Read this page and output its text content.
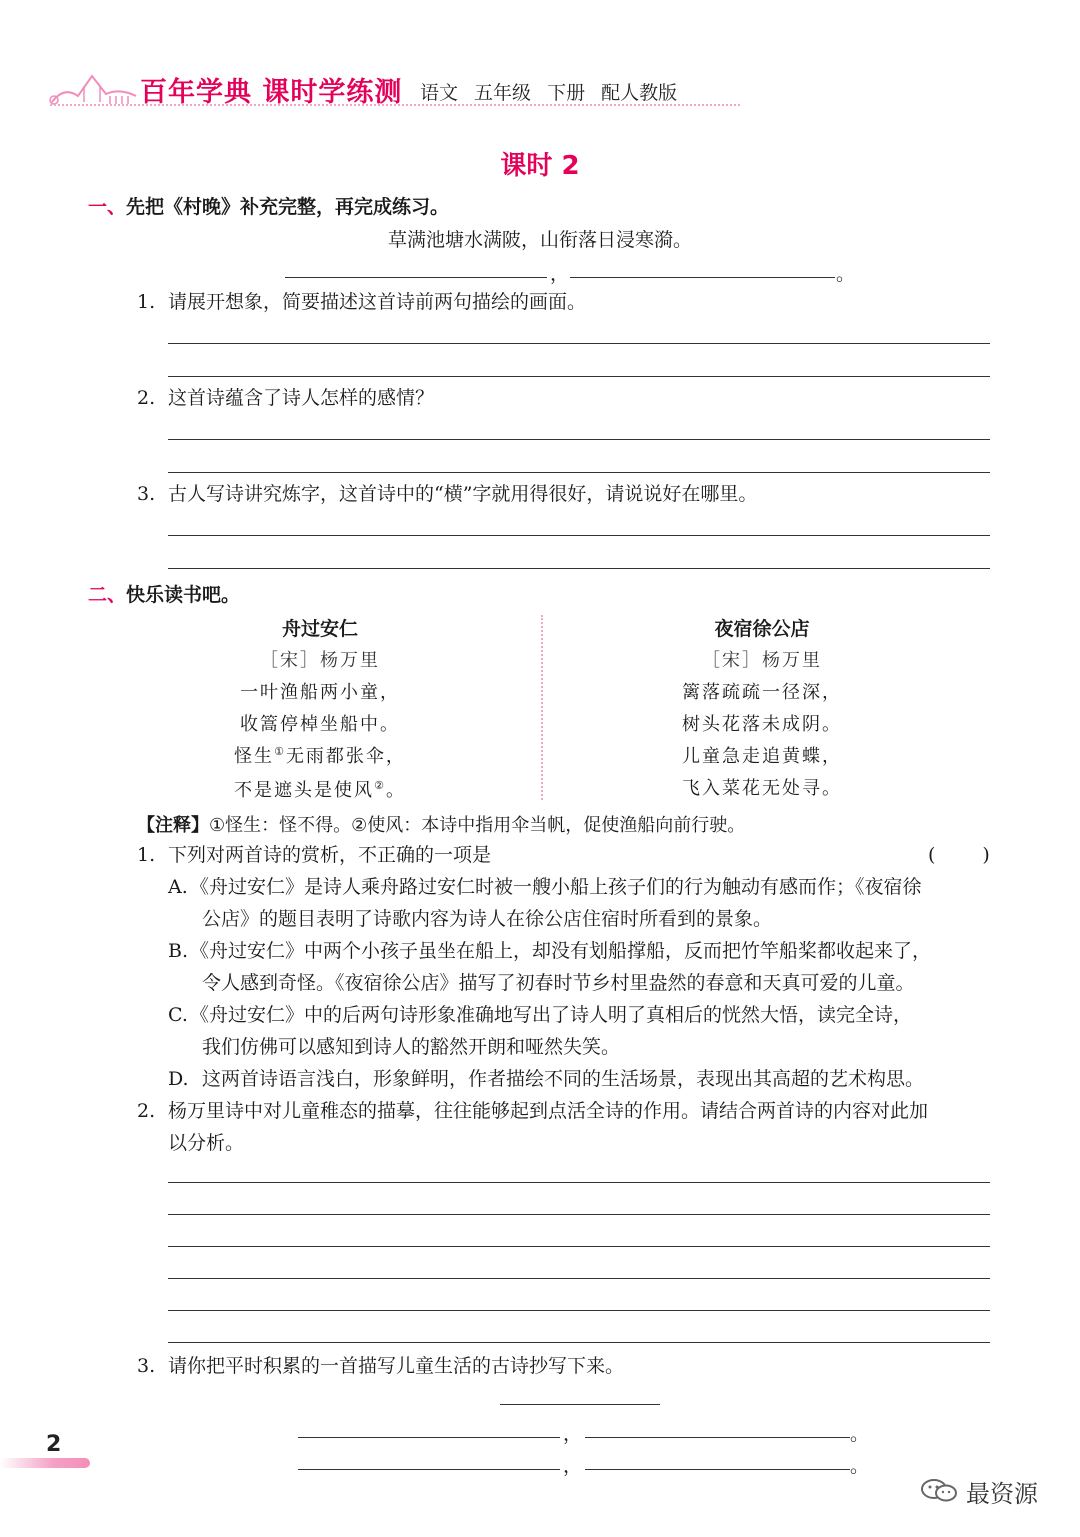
百年学典 课时学练测 语文 五年级 下册 配人教版
课时 2
一、先把《村晚》补充完整，再完成练习。
草满池塘水满陂，山衔落日浸寒漪。
，	。
1. 请展开想象，简要描述这首诗前两句描绘的画面。
2. 这首诗蕴含了诗人怎样的感情？
3. 古人写诗讲究炼字，这首诗中的“横”字就用得很好，请说说好在哪里。
二、快乐读书吧。
舟过安仁
［宋］杨万里
一叶渔船两小童，
收篙停棹坐船中。
怪生①无雨都张伞，
不是遮头是使风②。
夜宿徐公店
［宋］杨万里
篱落疏疏一径深，
树头花落未成阴。
儿童急走追黄蝶，
飞入菜花无处寻。
【注释】①怪生：怪不得。②使风：本诗中指用伞当帆，促使渔船向前行驶。
1. 下列对两首诗的赏析，不正确的一项是	(　　)
A. 《舟过安仁》是诗人乘舟路过安仁时被一艘小船上孩子们的行为触动有感而作；《夜宿徐
公店》的题目表明了诗歌内容为诗人在徐公店住宿时所看到的景象。
B. 《舟过安仁》中两个小孩子虽坐在船上，却没有划船撑船，反而把竹竿船桨都收起来了，
令人感到奇怪。《夜宿徐公店》描写了初春时节乡村里盎然的春意和天真可爱的儿童。
C. 《舟过安仁》中的后两句诗形象准确地写出了诗人明了真相后的恍然大悟，读完全诗，
我们仿佛可以感知到诗人的豁然开朗和哑然失笑。
D. 这两首诗语言浅白，形象鲜明，作者描绘不同的生活场景，表现出其高超的艺术构思。
2. 杨万里诗中对儿童稚态的描摹，往往能够起到点活全诗的作用。请结合两首诗的内容对此加
以分析。
3. 请你把平时积累的一首描写儿童生活的古诗抄写下来。
，	。
，	。
2
最资源
